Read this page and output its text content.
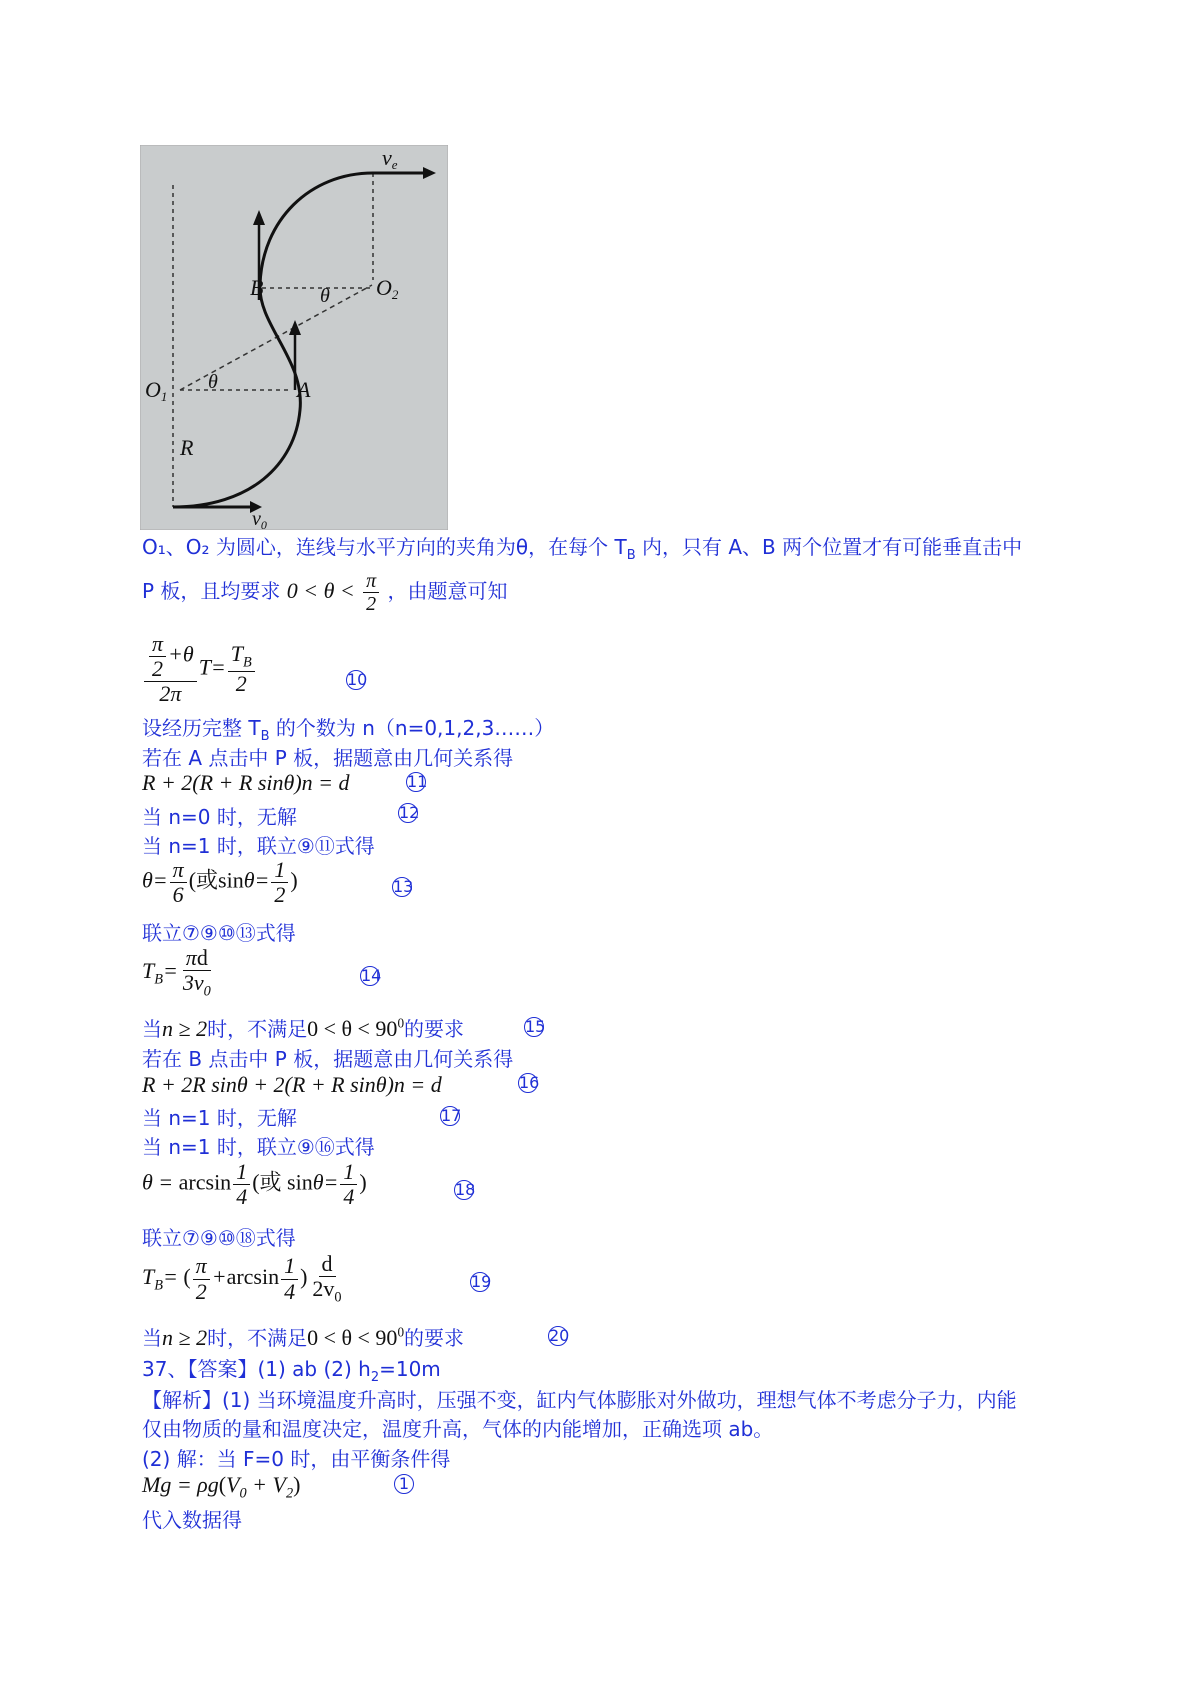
ve
B	O2
θ
O1
θ	A
R
$v_0$
O₁、O₂ 为圆心，连线与水平方向的夹角为θ，在每个 $T_B$ 内，只有 A、B 两个位置才有可能垂直击中
P 板，且均要求 $0 < \theta < \frac{\pi}{2}$ ，由题意可知
$\frac{\frac{\pi}{2} +\theta}{2\pi} T= \frac{T_B}{2}$	10
设经历完整 $T_B$ 的个数为 n（n=0,1,2,3……）
若在 A 点击中 P 板，据题意由几何关系得
R + 2(R + R sinθ)n = d	11
当 n=0 时，无解	12
当 n=1 时，联立⑨⑪式得
$\theta= \frac{\pi}{6}$ (或$\sin\theta= \frac{1}{2}$ )	13
联立⑦⑨⑩⑬式得
$T_B= \frac{\pi d}{3v_0}$	14
当n ≥ 2时，不满足$0 < \theta < 90^0$的要求	15
若在 B 点击中 P 板，据题意由几何关系得
R + 2R sinθ + 2(R + R sinθ)n = d	16
当 n=1 时，无解	17
当 n=1 时，联立⑨⑯式得
$\theta = \arcsin \frac{1}{4}$ (或 $\sin\theta= \frac{1}{4}$ )	18
联立⑦⑨⑩⑱式得
$T_B=$ ( $\frac{\pi}{2} +\arcsin \frac{1}{4}$ ) $\frac{d}{2v_0}$	19
当n ≥ 2时，不满足$0 < \theta < 90^0$的要求	20
37、【答案】(1) ab (2) $h_2=10m$
【解析】(1) 当环境温度升高时，压强不变，缸内气体膨胀对外做功，理想气体不考虑分子力，内能
仅由物质的量和温度决定，温度升高，气体的内能增加，正确选项 ab。
(2) 解：当 F=0 时，由平衡条件得
$Mg = \rho g(V_0 + V_2)$	1
代入数据得
